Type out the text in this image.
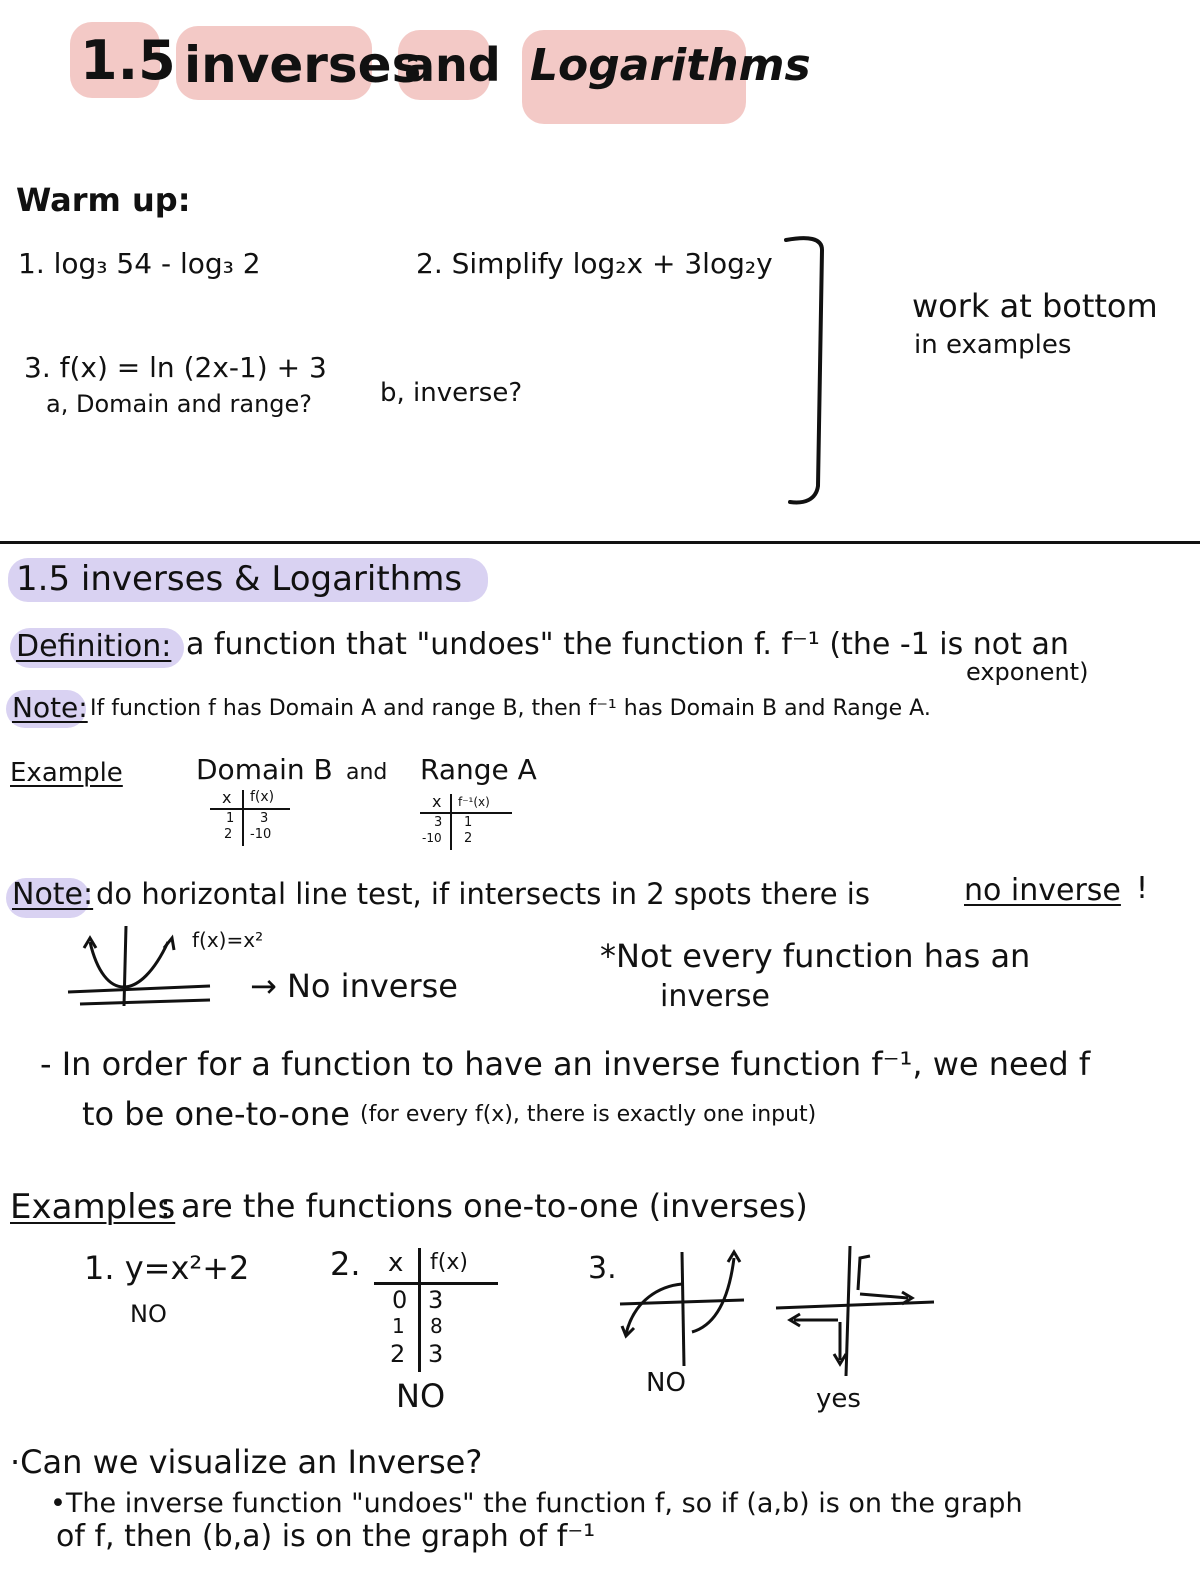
1.5 inverses
and Logarithms
Warm up:
1. log₃ 54 - log₃ 2	2. Simplify log₂x + 3log₂y
3. f(x) = ln (2x-1) + 3
a, Domain and range?	b, inverse?
work at bottom
in examples
1.5 inverses & Logarithms
Definition: a function that "undoes" the function f. f⁻¹ (the -1 is not an
exponent)
Note: If function f has Domain A and range B, then f⁻¹ has Domain B and Range A.
Example	Domain B and Range A
x f(x)
1 3
2 -10
x f⁻¹(x)
3 1
-10 2
Note: do horizontal line test, if intersects in 2 spots there is	no inverse !
f(x)=x²
→ No inverse
*Not every function has an
inverse
- In order for a function to have an inverse function f⁻¹, we need f
to be one-to-one (for every f(x), there is exactly one input)
Examples
: are the functions one-to-one (inverses)
1. y=x²+2
NO
2. x f(x)
0 3
1 8
2 3
NO
3.
NO
yes
·Can we visualize an Inverse?
•The inverse function "undoes" the function f, so if (a,b) is on the graph
of f, then (b,a) is on the graph of f⁻¹
